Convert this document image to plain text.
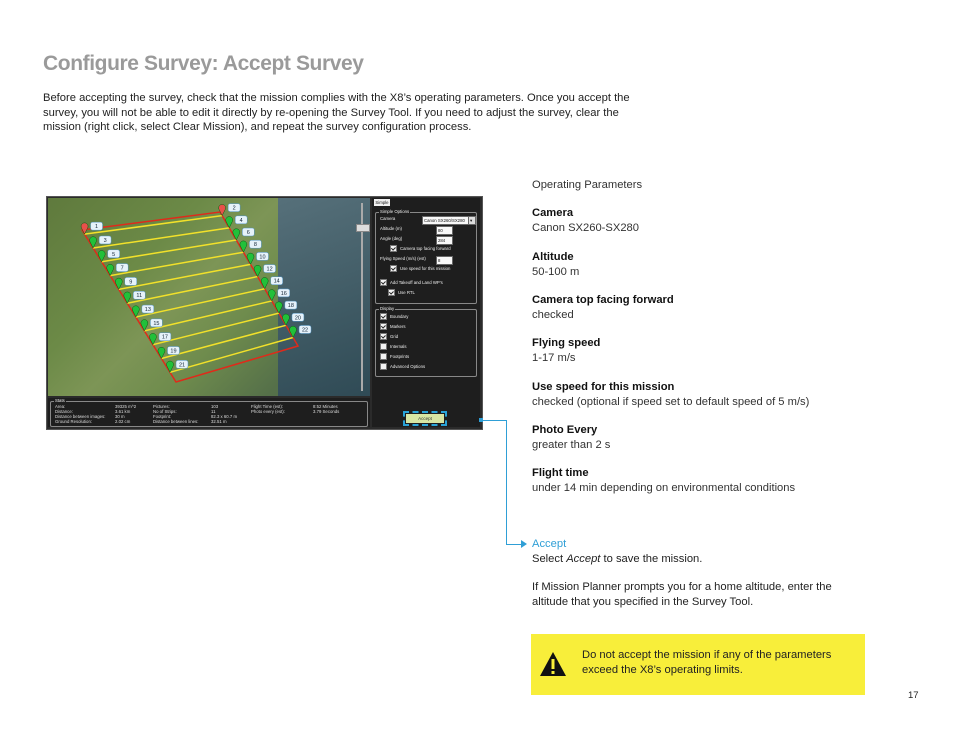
Configure Survey: Accept Survey
Before accepting the survey, check that the mission complies with the X8’s operating parameters. Once you accept the survey, you will not be able to edit it directly by re-opening the Survey Tool. If you need to adjust the survey, clear the mission (right click, select Clear Mission), and repeat the survey configuration process.
1
2
3
4
5
6
7
8
9
10
11
12
13
14
15
16
17
18
19
20
21
22
Simple
Simple Options
Camera	Canon SX260/SX280	▾
Altitude (m)	80
Angle (deg)	284
Camera top facing forward
Flying Speed (m/s) (est)	8
Use speed for this mission
Add Takeoff and Land WP's
Use RTL
Display
Boundary
Markers
Grid
Internals
Footprints
Advanced Options
Accept
Stats
Area:	39325 m^2
Distance:	3.61 km
Distance between images: 30 m
Ground Resolution:	2.02 cm
Pictures:	103
No of Strips:	11
Footprint:	82.3 x 60.7 m
Distance between lines:	32.51 m
Flight Time (est):	8:52 Minutes
Photo every (est):	3.79 Seconds
Operating Parameters
Camera
Canon SX260-SX280
Altitude
50-100 m
Camera top facing forward
checked
Flying speed
1-17 m/s
Use speed for this mission
checked (optional if speed set to default speed of 5 m/s)
Photo Every
greater than 2 s
Flight time
under 14 min depending on environmental conditions
Accept
Select Accept to save the mission.
If Mission Planner prompts you for a home altitude, enter the altitude that you specified in the Survey Tool.
Do not accept the mission if any of the parameters exceed the X8’s operating limits.
17
